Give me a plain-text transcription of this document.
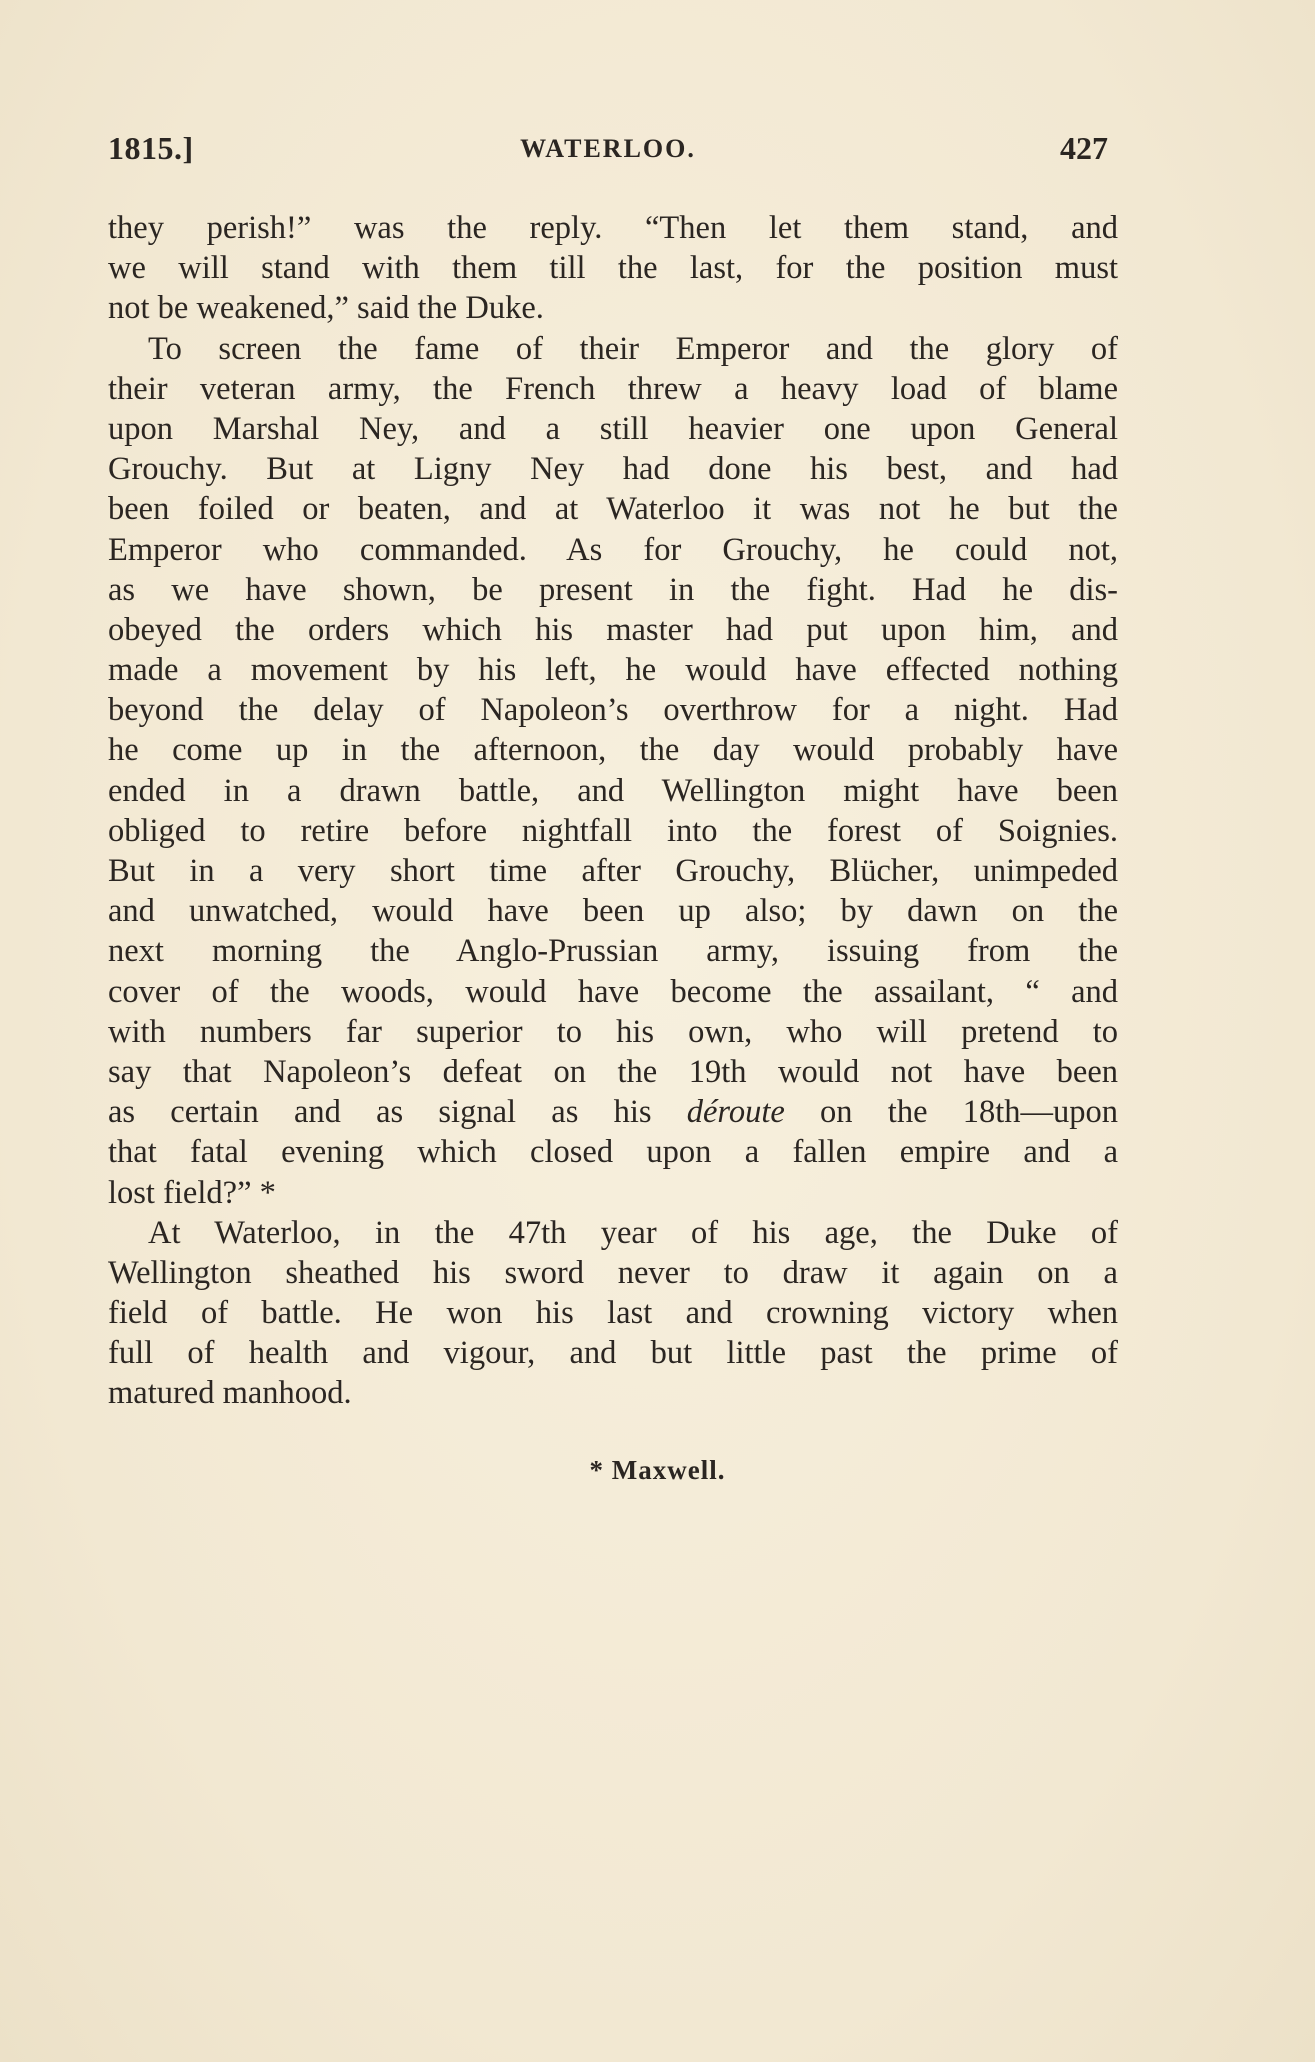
1815.]	WATERLOO.	427
they perish!” was the reply. “Then let them stand, and
we will stand with them till the last, for the position must
not be weakened,” said the Duke.
To screen the fame of their Emperor and the glory of
their veteran army, the French threw a heavy load of blame
upon Marshal Ney, and a still heavier one upon General
Grouchy. But at Ligny Ney had done his best, and had
been foiled or beaten, and at Waterloo it was not he but the
Emperor who commanded. As for Grouchy, he could not,
as we have shown, be present in the fight. Had he dis-
obeyed the orders which his master had put upon him, and
made a movement by his left, he would have effected nothing
beyond the delay of Napoleon’s overthrow for a night. Had
he come up in the afternoon, the day would probably have
ended in a drawn battle, and Wellington might have been
obliged to retire before nightfall into the forest of Soignies.
But in a very short time after Grouchy, Blücher, unimpeded
and unwatched, would have been up also; by dawn on the
next morning the Anglo-Prussian army, issuing from the
cover of the woods, would have become the assailant, “ and
with numbers far superior to his own, who will pretend to
say that Napoleon’s defeat on the 19th would not have been
as certain and as signal as his déroute on the 18th—upon
that fatal evening which closed upon a fallen empire and a
lost field?” *
At Waterloo, in the 47th year of his age, the Duke of
Wellington sheathed his sword never to draw it again on a
field of battle. He won his last and crowning victory when
full of health and vigour, and but little past the prime of
matured manhood.
* Maxwell.
